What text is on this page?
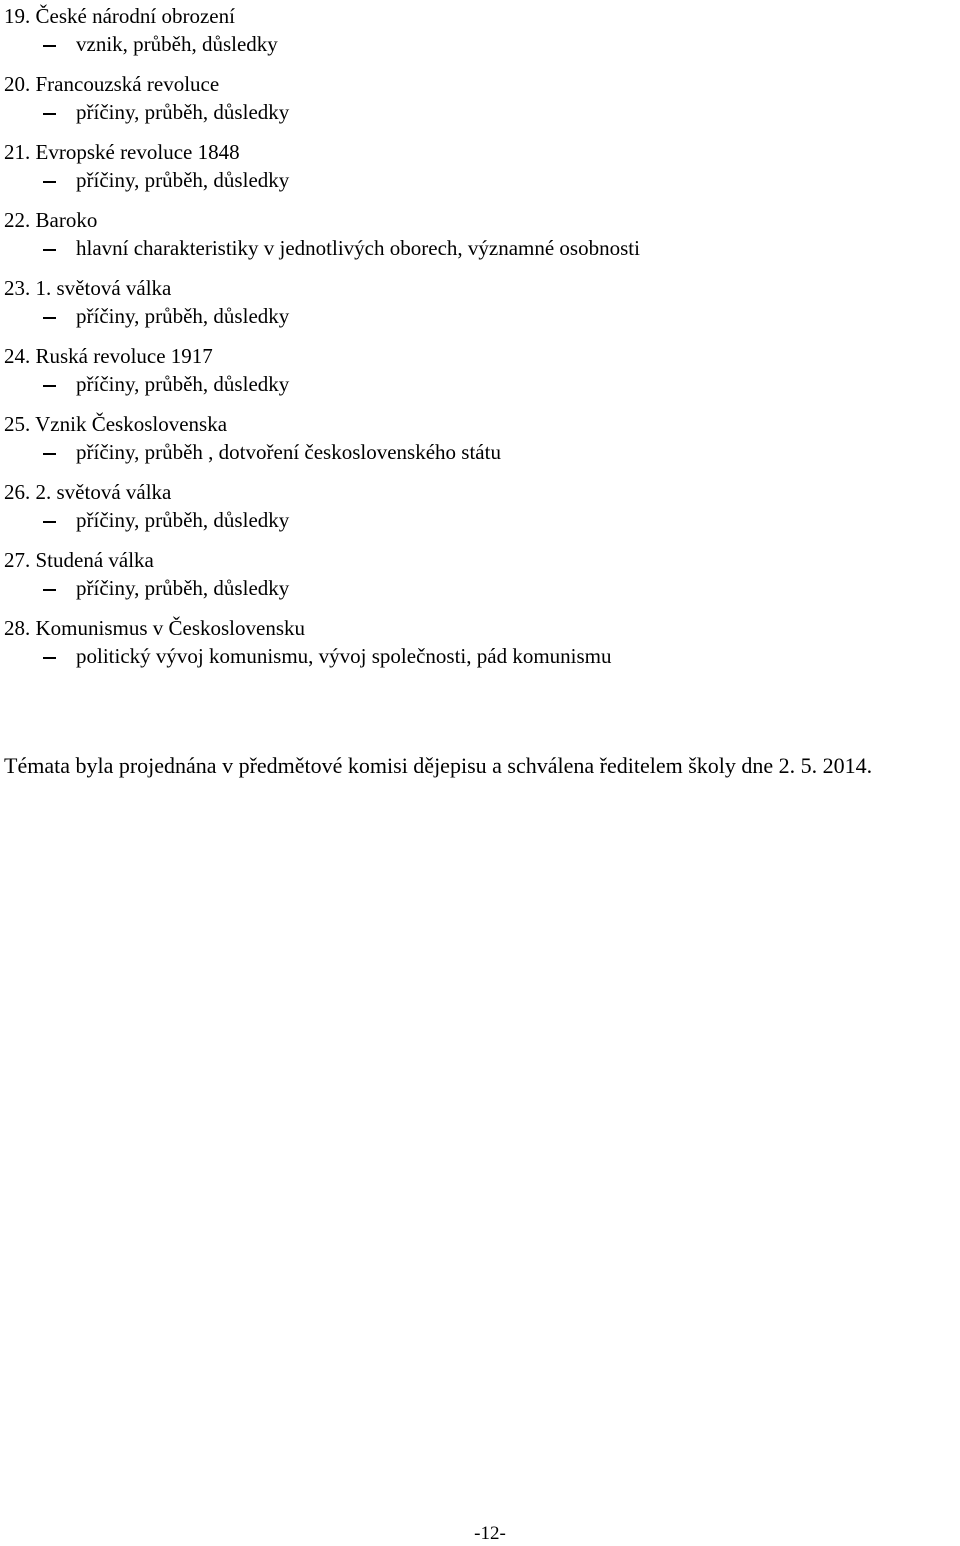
19. České národní obrození
vznik, průběh, důsledky
20. Francouzská revoluce
příčiny, průběh, důsledky
21. Evropské revoluce 1848
příčiny, průběh, důsledky
22. Baroko
hlavní charakteristiky v jednotlivých oborech, významné osobnosti
23. 1. světová válka
příčiny, průběh, důsledky
24. Ruská revoluce 1917
příčiny, průběh, důsledky
25. Vznik Československa
příčiny, průběh , dotvoření československého státu
26. 2. světová válka
příčiny, průběh, důsledky
27. Studená válka
příčiny, průběh, důsledky
28. Komunismus v Československu
politický vývoj komunismu, vývoj společnosti, pád komunismu
Témata byla projednána v předmětové komisi dějepisu a schválena ředitelem školy dne 2. 5. 2014.
-12-
